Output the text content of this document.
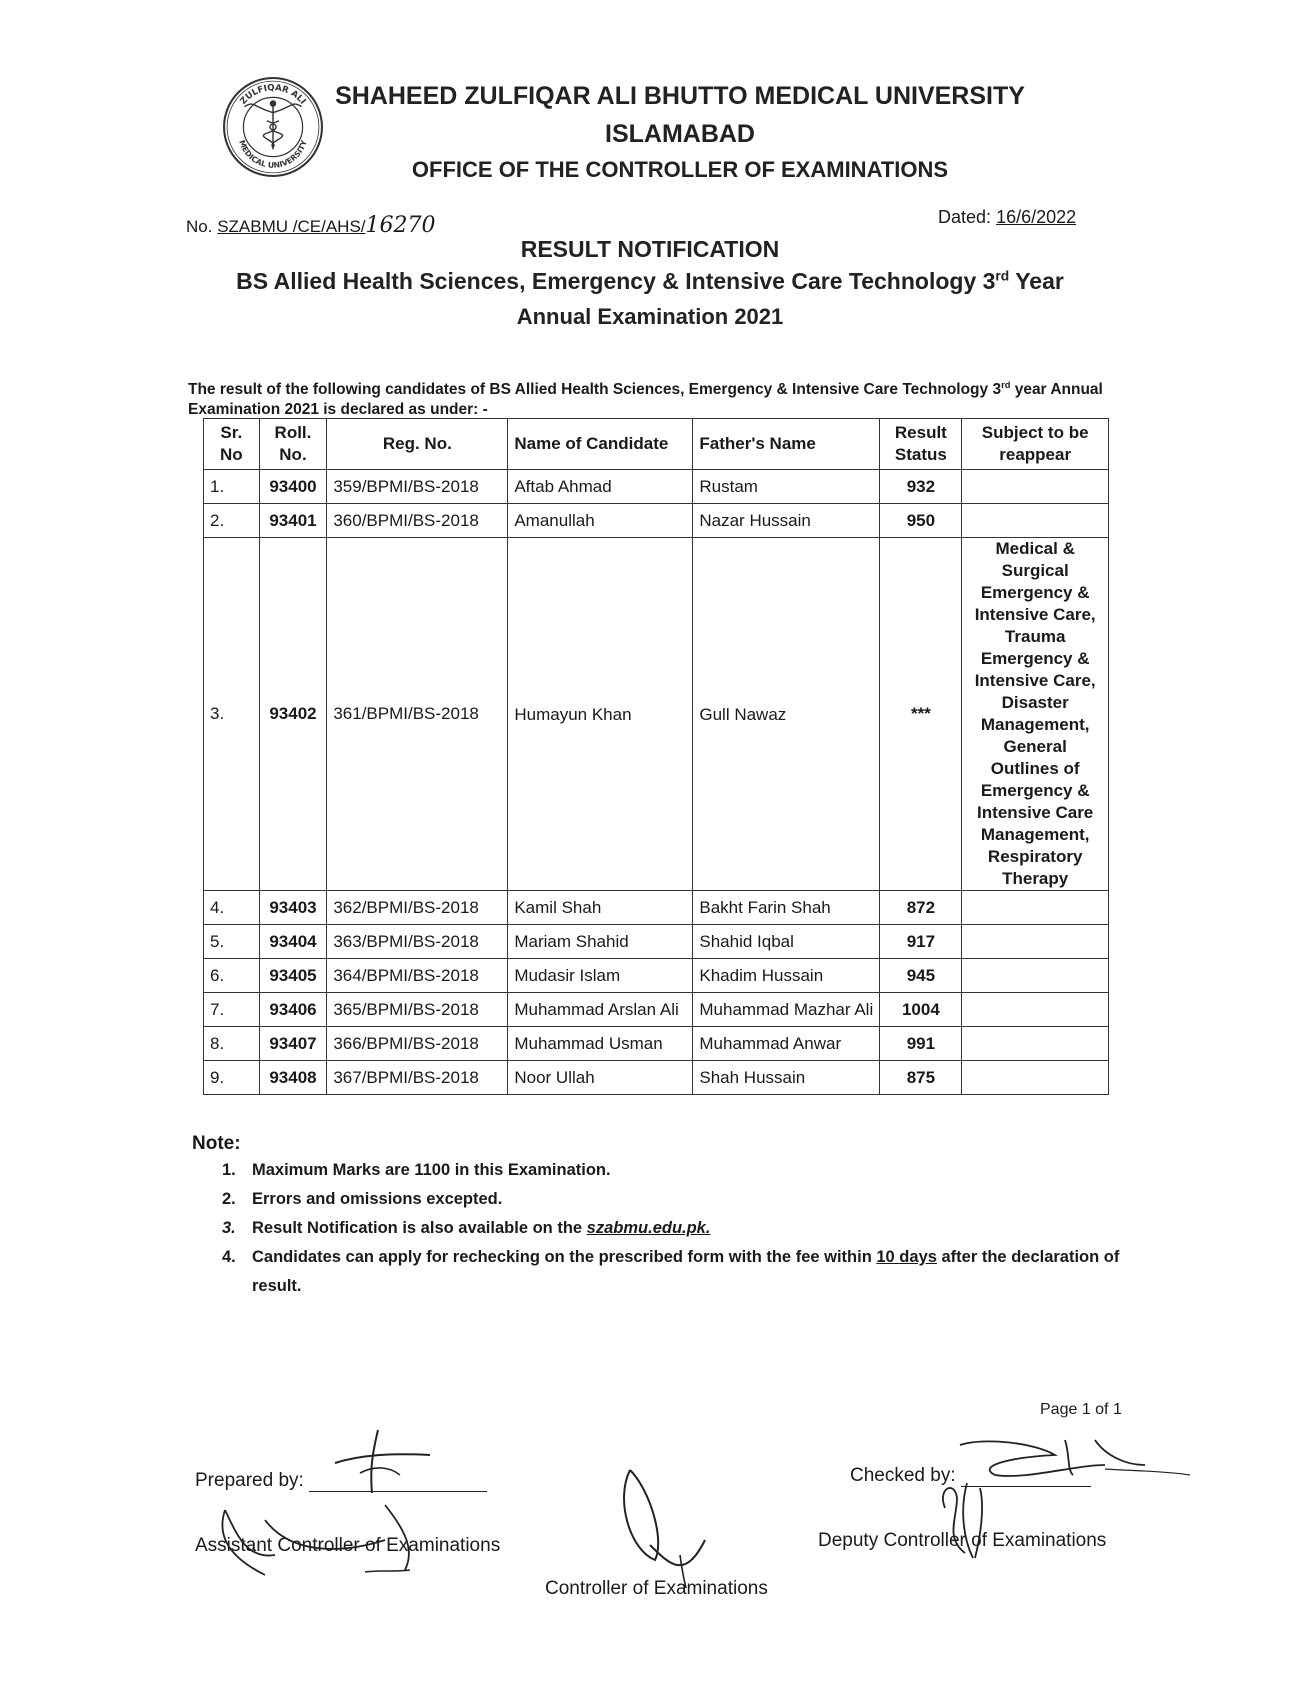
ZULFIQAR ALI
MEDICAL UNIVERSITY
SHAHEED ZULFIQAR ALI BHUTTO MEDICAL UNIVERSITY
ISLAMABAD
OFFICE OF THE CONTROLLER OF EXAMINATIONS
No. SZABMU /CE/AHS/16270	Dated: 16/6/2022
RESULT NOTIFICATION
BS Allied Health Sciences, Emergency & Intensive Care Technology 3rd Year
Annual Examination 2021
The result of the following candidates of BS Allied Health Sciences, Emergency & Intensive Care Technology 3rd year Annual Examination 2021 is declared as under: -
Sr. No	Roll. No.	Reg. No.	Name of Candidate	Father's Name	Result Status	Subject to be reappear
1.	93400	359/BPMI/BS-2018	Aftab Ahmad	Rustam	932	
2.	93401	360/BPMI/BS-2018	Amanullah	Nazar Hussain	950	
3.	93402	361/BPMI/BS-2018	Humayun Khan	Gull Nawaz	***	Medical & Surgical Emergency & Intensive Care, Trauma Emergency & Intensive Care, Disaster Management, General Outlines of Emergency & Intensive Care Management, Respiratory Therapy
4.	93403	362/BPMI/BS-2018	Kamil Shah	Bakht Farin Shah	872	
5.	93404	363/BPMI/BS-2018	Mariam Shahid	Shahid Iqbal	917	
6.	93405	364/BPMI/BS-2018	Mudasir Islam	Khadim Hussain	945	
7.	93406	365/BPMI/BS-2018	Muhammad Arslan Ali	Muhammad Mazhar Ali	1004	
8.	93407	366/BPMI/BS-2018	Muhammad Usman	Muhammad Anwar	991	
9.	93408	367/BPMI/BS-2018	Noor Ullah	Shah Hussain	875	
Note:
1. Maximum Marks are 1100 in this Examination.
2. Errors and omissions excepted.
3. Result Notification is also available on the szabmu.edu.pk.
4. Candidates can apply for rechecking on the prescribed form with the fee within 10 days after the declaration of result.
Page 1 of 1
Prepared by:
Assistant Controller of Examinations
Controller of Examinations
Checked by:
Deputy Controller of Examinations
